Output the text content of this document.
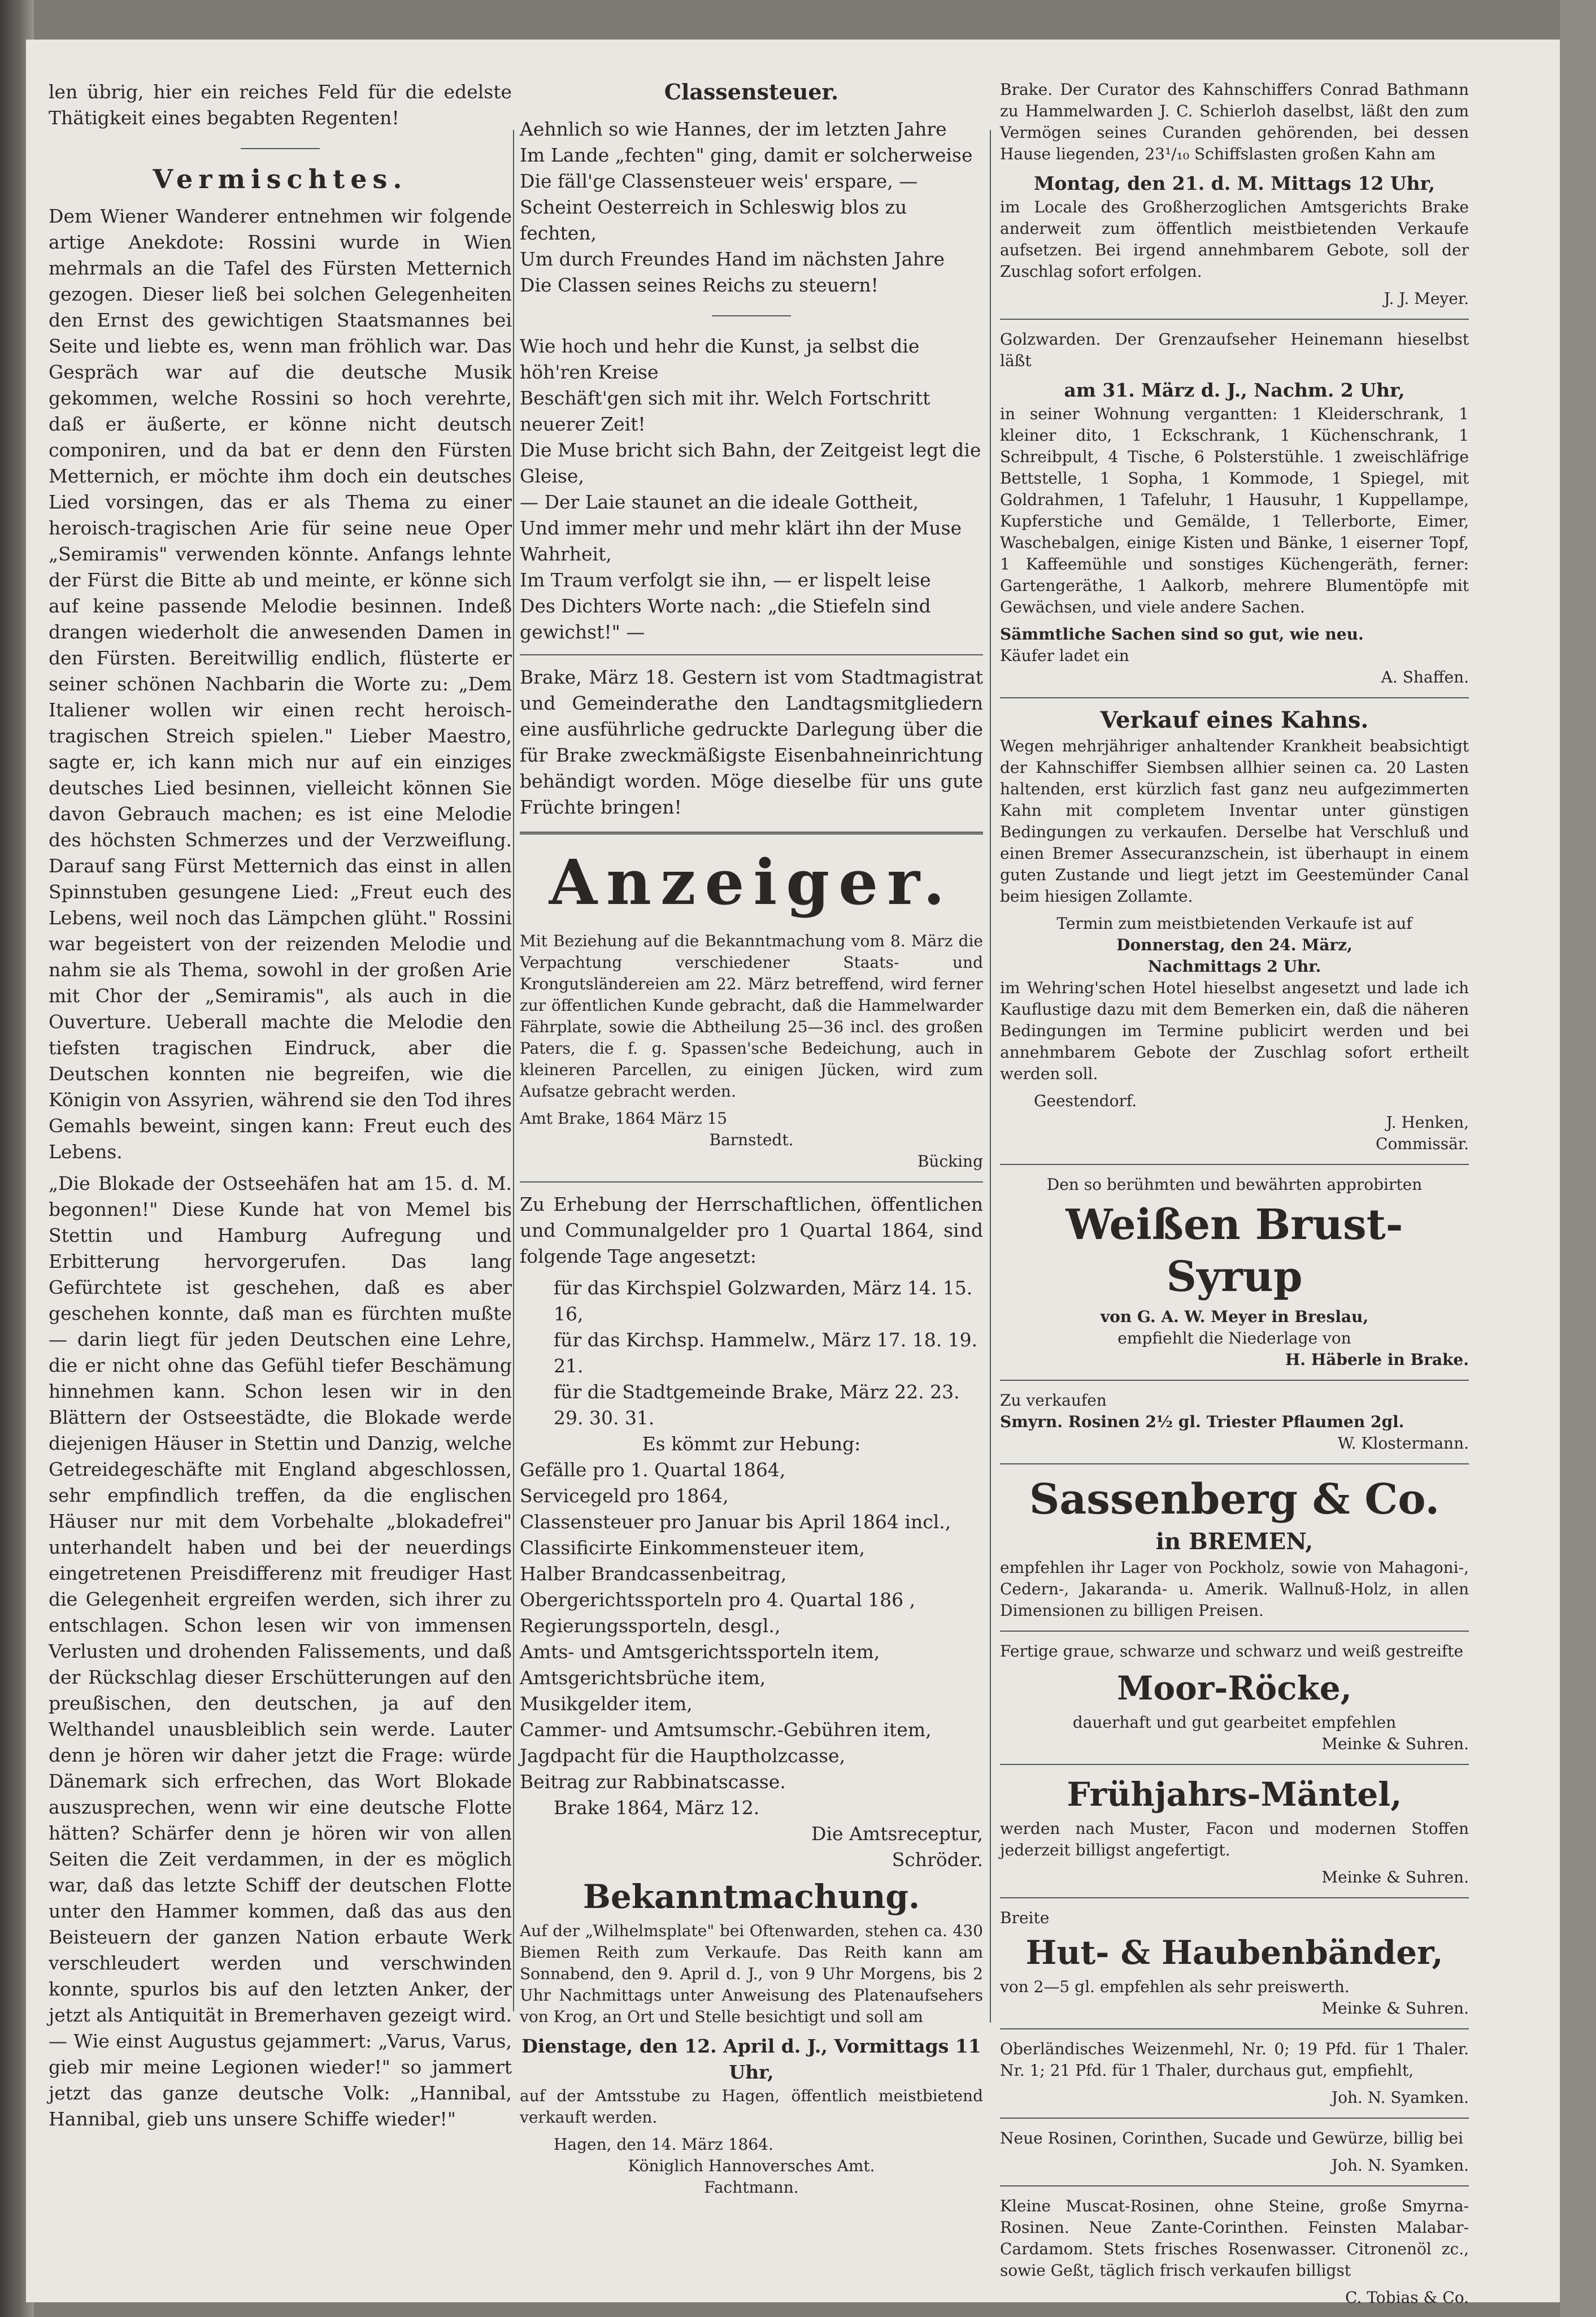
len übrig, hier ein reiches Feld für die edelste Thätigkeit eines begabten Regenten!

Vermischtes.

Dem Wiener Wanderer entnehmen wir folgende artige Anekdote: Rossini wurde in Wien mehrmals an die Tafel des Fürsten Metternich gezogen. Dieser ließ bei solchen Gelegenheiten den Ernst des gewichtigen Staatsmannes bei Seite und liebte es, wenn man fröhlich war. Das Gespräch war auf die deutsche Musik gekommen, welche Rossini so hoch verehrte, daß er äußerte, er könne nicht deutsch componiren, und da bat er denn den Fürsten Metternich, er möchte ihm doch ein deutsches Lied vorsingen, das er als Thema zu einer heroisch-tragischen Arie für seine neue Oper „Semiramis" verwenden könnte. Anfangs lehnte der Fürst die Bitte ab und meinte, er könne sich auf keine passende Melodie besinnen. Indeß drangen wiederholt die anwesenden Damen in den Fürsten. Bereitwillig endlich, flüsterte er seiner schönen Nachbarin die Worte zu: „Dem Italiener wollen wir einen recht heroisch-tragischen Streich spielen." Lieber Maestro, sagte er, ich kann mich nur auf ein einziges deutsches Lied besinnen, vielleicht können Sie davon Gebrauch machen; es ist eine Melodie des höchsten Schmerzes und der Verzweiflung. Darauf sang Fürst Metternich das einst in allen Spinnstuben gesungene Lied: „Freut euch des Lebens, weil noch das Lämpchen glüht." Rossini war begeistert von der reizenden Melodie und nahm sie als Thema, sowohl in der großen Arie mit Chor der „Semiramis", als auch in die Ouverture. Ueberall machte die Melodie den tiefsten tragischen Eindruck, aber die Deutschen konnten nie begreifen, wie die Königin von Assyrien, während sie den Tod ihres Gemahls beweint, singen kann: Freut euch des Lebens.

„Die Blokade der Ostseehäfen hat am 15. d. M. begonnen!" Diese Kunde hat von Memel bis Stettin und Hamburg Aufregung und Erbitterung hervorgerufen. Das lang Gefürchtete ist geschehen, daß es aber geschehen konnte, daß man es fürchten mußte — darin liegt für jeden Deutschen eine Lehre, die er nicht ohne das Gefühl tiefer Beschämung hinnehmen kann. Schon lesen wir in den Blättern der Ostseestädte, die Blokade werde diejenigen Häuser in Stettin und Danzig, welche Getreidegeschäfte mit England abgeschlossen, sehr empfindlich treffen, da die englischen Häuser nur mit dem Vorbehalte „blokadefrei" unterhandelt haben und bei der neuerdings eingetretenen Preisdifferenz mit freudiger Hast die Gelegenheit ergreifen werden, sich ihrer zu entschlagen. Schon lesen wir von immensen Verlusten und drohenden Falissements, und daß der Rückschlag dieser Erschütterungen auf den preußischen, den deutschen, ja auf den Welthandel unausbleiblich sein werde. Lauter denn je hören wir daher jetzt die Frage: würde Dänemark sich erfrechen, das Wort Blokade auszusprechen, wenn wir eine deutsche Flotte hätten? Schärfer denn je hören wir von allen Seiten die Zeit verdammen, in der es möglich war, daß das letzte Schiff der deutschen Flotte unter den Hammer kommen, daß das aus den Beisteuern der ganzen Nation erbaute Werk verschleudert werden und verschwinden konnte, spurlos bis auf den letzten Anker, der jetzt als Antiquität in Bremerhaven gezeigt wird. — Wie einst Augustus gejammert: „Varus, Varus, gieb mir meine Legionen wieder!" so jammert jetzt das ganze deutsche Volk: „Hannibal, Hannibal, gieb uns unsere Schiffe wieder!"

Classensteuer.

Aehnlich so wie Hannes, der im letzten Jahre

Im Lande „fechten" ging, damit er solcherweise

Die fäll'ge Classensteuer weis' erspare, —

Scheint Oesterreich in Schleswig blos zu fechten,

Um durch Freundes Hand im nächsten Jahre

Die Classen seines Reichs zu steuern!

Wie hoch und hehr die Kunst, ja selbst die höh'ren Kreise

Beschäft'gen sich mit ihr. Welch Fortschritt neuerer Zeit!

Die Muse bricht sich Bahn, der Zeitgeist legt die Gleise,

— Der Laie staunet an die ideale Gottheit,

Und immer mehr und mehr klärt ihn der Muse Wahrheit,

Im Traum verfolgt sie ihn, — er lispelt leise

Des Dichters Worte nach: „die Stiefeln sind gewichst!" —

Brake, März 18. Gestern ist vom Stadtmagistrat und Gemeinderathe den Landtagsmitgliedern eine ausführliche gedruckte Darlegung über die für Brake zweckmäßigste Eisenbahneinrichtung behändigt worden. Möge dieselbe für uns gute Früchte bringen!

Anzeiger.

Mit Beziehung auf die Bekanntmachung vom 8. März die Verpachtung verschiedener Staats- und Krongutsländereien am 22. März betreffend, wird ferner zur öffentlichen Kunde gebracht, daß die Hammelwarder Fährplate, sowie die Abtheilung 25—36 incl. des großen Paters, die f. g. Spassen'sche Bedeichung, auch in kleineren Parcellen, zu einigen Jücken, wird zum Aufsatze gebracht werden.

Amt Brake, 1864 März 15
Barnstedt.
Bücking

Zu Erhebung der Herrschaftlichen, öffentlichen und Communalgelder pro 1 Quartal 1864, sind folgende Tage angesetzt:

für das Kirchspiel Golzwarden, März 14. 15. 16,
für das Kirchsp. Hammelw., März 17. 18. 19. 21.
für die Stadtgemeinde Brake, März 22. 23. 29. 30. 31.
Es kömmt zur Hebung:
Gefälle pro 1. Quartal 1864,
Servicegeld pro 1864,
Classensteuer pro Januar bis April 1864 incl.,
Classificirte Einkommensteuer item,
Halber Brandcassenbeitrag,
Obergerichtssporteln pro 4. Quartal 186 ,
Regierungssporteln, desgl.,
Amts- und Amtsgerichtssporteln item,
Amtsgerichtsbrüche item,
Musikgelder item,
Cammer- und Amtsumschr.-Gebühren item,
Jagdpacht für die Hauptholzcasse,
Beitrag zur Rabbinatscasse.
Brake 1864, März 12.
Die Amtsreceptur,
Schröder.
Bekanntmachung.

Auf der „Wilhelmsplate" bei Oftenwarden, stehen ca. 430 Biemen Reith zum Verkaufe. Das Reith kann am Sonnabend, den 9. April d. J., von 9 Uhr Morgens, bis 2 Uhr Nachmittags unter Anweisung des Platenaufsehers von Krog, an Ort und Stelle besichtigt und soll am

Dienstage, den 12. April d. J., Vormittags 11 Uhr,

auf der Amtsstube zu Hagen, öffentlich meistbietend verkauft werden.

Hagen, den 14. März 1864.
Königlich Hannoversches Amt.
Fachtmann.

Brake. Der Curator des Kahnschiffers Conrad Bathmann zu Hammelwarden J. C. Schierloh daselbst, läßt den zum Vermögen seines Curanden gehörenden, bei dessen Hause liegenden, 23¹/₁₀ Schiffslasten großen Kahn am

Montag, den 21. d. M. Mittags 12 Uhr,

im Locale des Großherzoglichen Amtsgerichts Brake anderweit zum öffentlich meistbietenden Verkaufe aufsetzen. Bei irgend annehmbarem Gebote, soll der Zuschlag sofort erfolgen.

J. J. Meyer.

Golzwarden. Der Grenzaufseher Heinemann hieselbst läßt

am 31. März d. J., Nachm. 2 Uhr,

in seiner Wohnung vergantten: 1 Kleiderschrank, 1 kleiner dito, 1 Eckschrank, 1 Küchenschrank, 1 Schreibpult, 4 Tische, 6 Polsterstühle. 1 zweischläfrige Bettstelle, 1 Sopha, 1 Kommode, 1 Spiegel, mit Goldrahmen, 1 Tafeluhr, 1 Hausuhr, 1 Kuppellampe, Kupferstiche und Gemälde, 1 Tellerborte, Eimer, Waschebalgen, einige Kisten und Bänke, 1 eiserner Topf, 1 Kaffeemühle und sonstiges Küchengeräth, ferner: Gartengeräthe, 1 Aalkorb, mehrere Blumentöpfe mit Gewächsen, und viele andere Sachen.

Sämmtliche Sachen sind so gut, wie neu.
Käufer ladet ein
A. Shaffen.
Verkauf eines Kahns.

Wegen mehrjähriger anhaltender Krankheit beabsichtigt der Kahnschiffer Siembsen allhier seinen ca. 20 Lasten haltenden, erst kürzlich fast ganz neu aufgezimmerten Kahn mit completem Inventar unter günstigen Bedingungen zu verkaufen. Derselbe hat Verschluß und einen Bremer Assecuranzschein, ist überhaupt in einem guten Zustande und liegt jetzt im Geestemünder Canal beim hiesigen Zollamte.

Termin zum meistbietenden Verkaufe ist auf
Donnerstag, den 24. März,
Nachmittags 2 Uhr.

im Wehring'schen Hotel hieselbst angesetzt und lade ich Kauflustige dazu mit dem Bemerken ein, daß die näheren Bedingungen im Termine publicirt werden und bei annehmbarem Gebote der Zuschlag sofort ertheilt werden soll.

Geestendorf.
J. Henken,
Commissär.
Den so berühmten und bewährten approbirten
Weißen Brust-Syrup
von G. A. W. Meyer in Breslau,
empfiehlt die Niederlage von
H. Häberle in Brake.
Zu verkaufen
Smyrn. Rosinen 2½ gl. Triester Pflaumen 2gl.
W. Klostermann.
Sassenberg & Co.
in BREMEN,

empfehlen ihr Lager von Pockholz, sowie von Mahagoni-, Cedern-, Jakaranda- u. Amerik. Wallnuß-Holz, in allen Dimensionen zu billigen Preisen.

Fertige graue, schwarze und schwarz und weiß gestreifte

Moor-Röcke,
dauerhaft und gut gearbeitet empfehlen
Meinke & Suhren.
Frühjahrs-Mäntel,

werden nach Muster, Facon und modernen Stoffen jederzeit billigst angefertigt.

Meinke & Suhren.
Breite
Hut- & Haubenbänder,
von 2—5 gl. empfehlen als sehr preiswerth.
Meinke & Suhren.

Oberländisches Weizenmehl, Nr. 0; 19 Pfd. für 1 Thaler. Nr. 1; 21 Pfd. für 1 Thaler, durchaus gut, empfiehlt,

Joh. N. Syamken.

Neue Rosinen, Corinthen, Sucade und Gewürze, billig bei

Joh. N. Syamken.

Kleine Muscat-Rosinen, ohne Steine, große Smyrna-Rosinen. Neue Zante-Corinthen. Feinsten Malabar-Cardamom. Stets frisches Rosenwasser. Citronenöl zc., sowie Geßt, täglich frisch verkaufen billigst

C. Tobias & Co.
